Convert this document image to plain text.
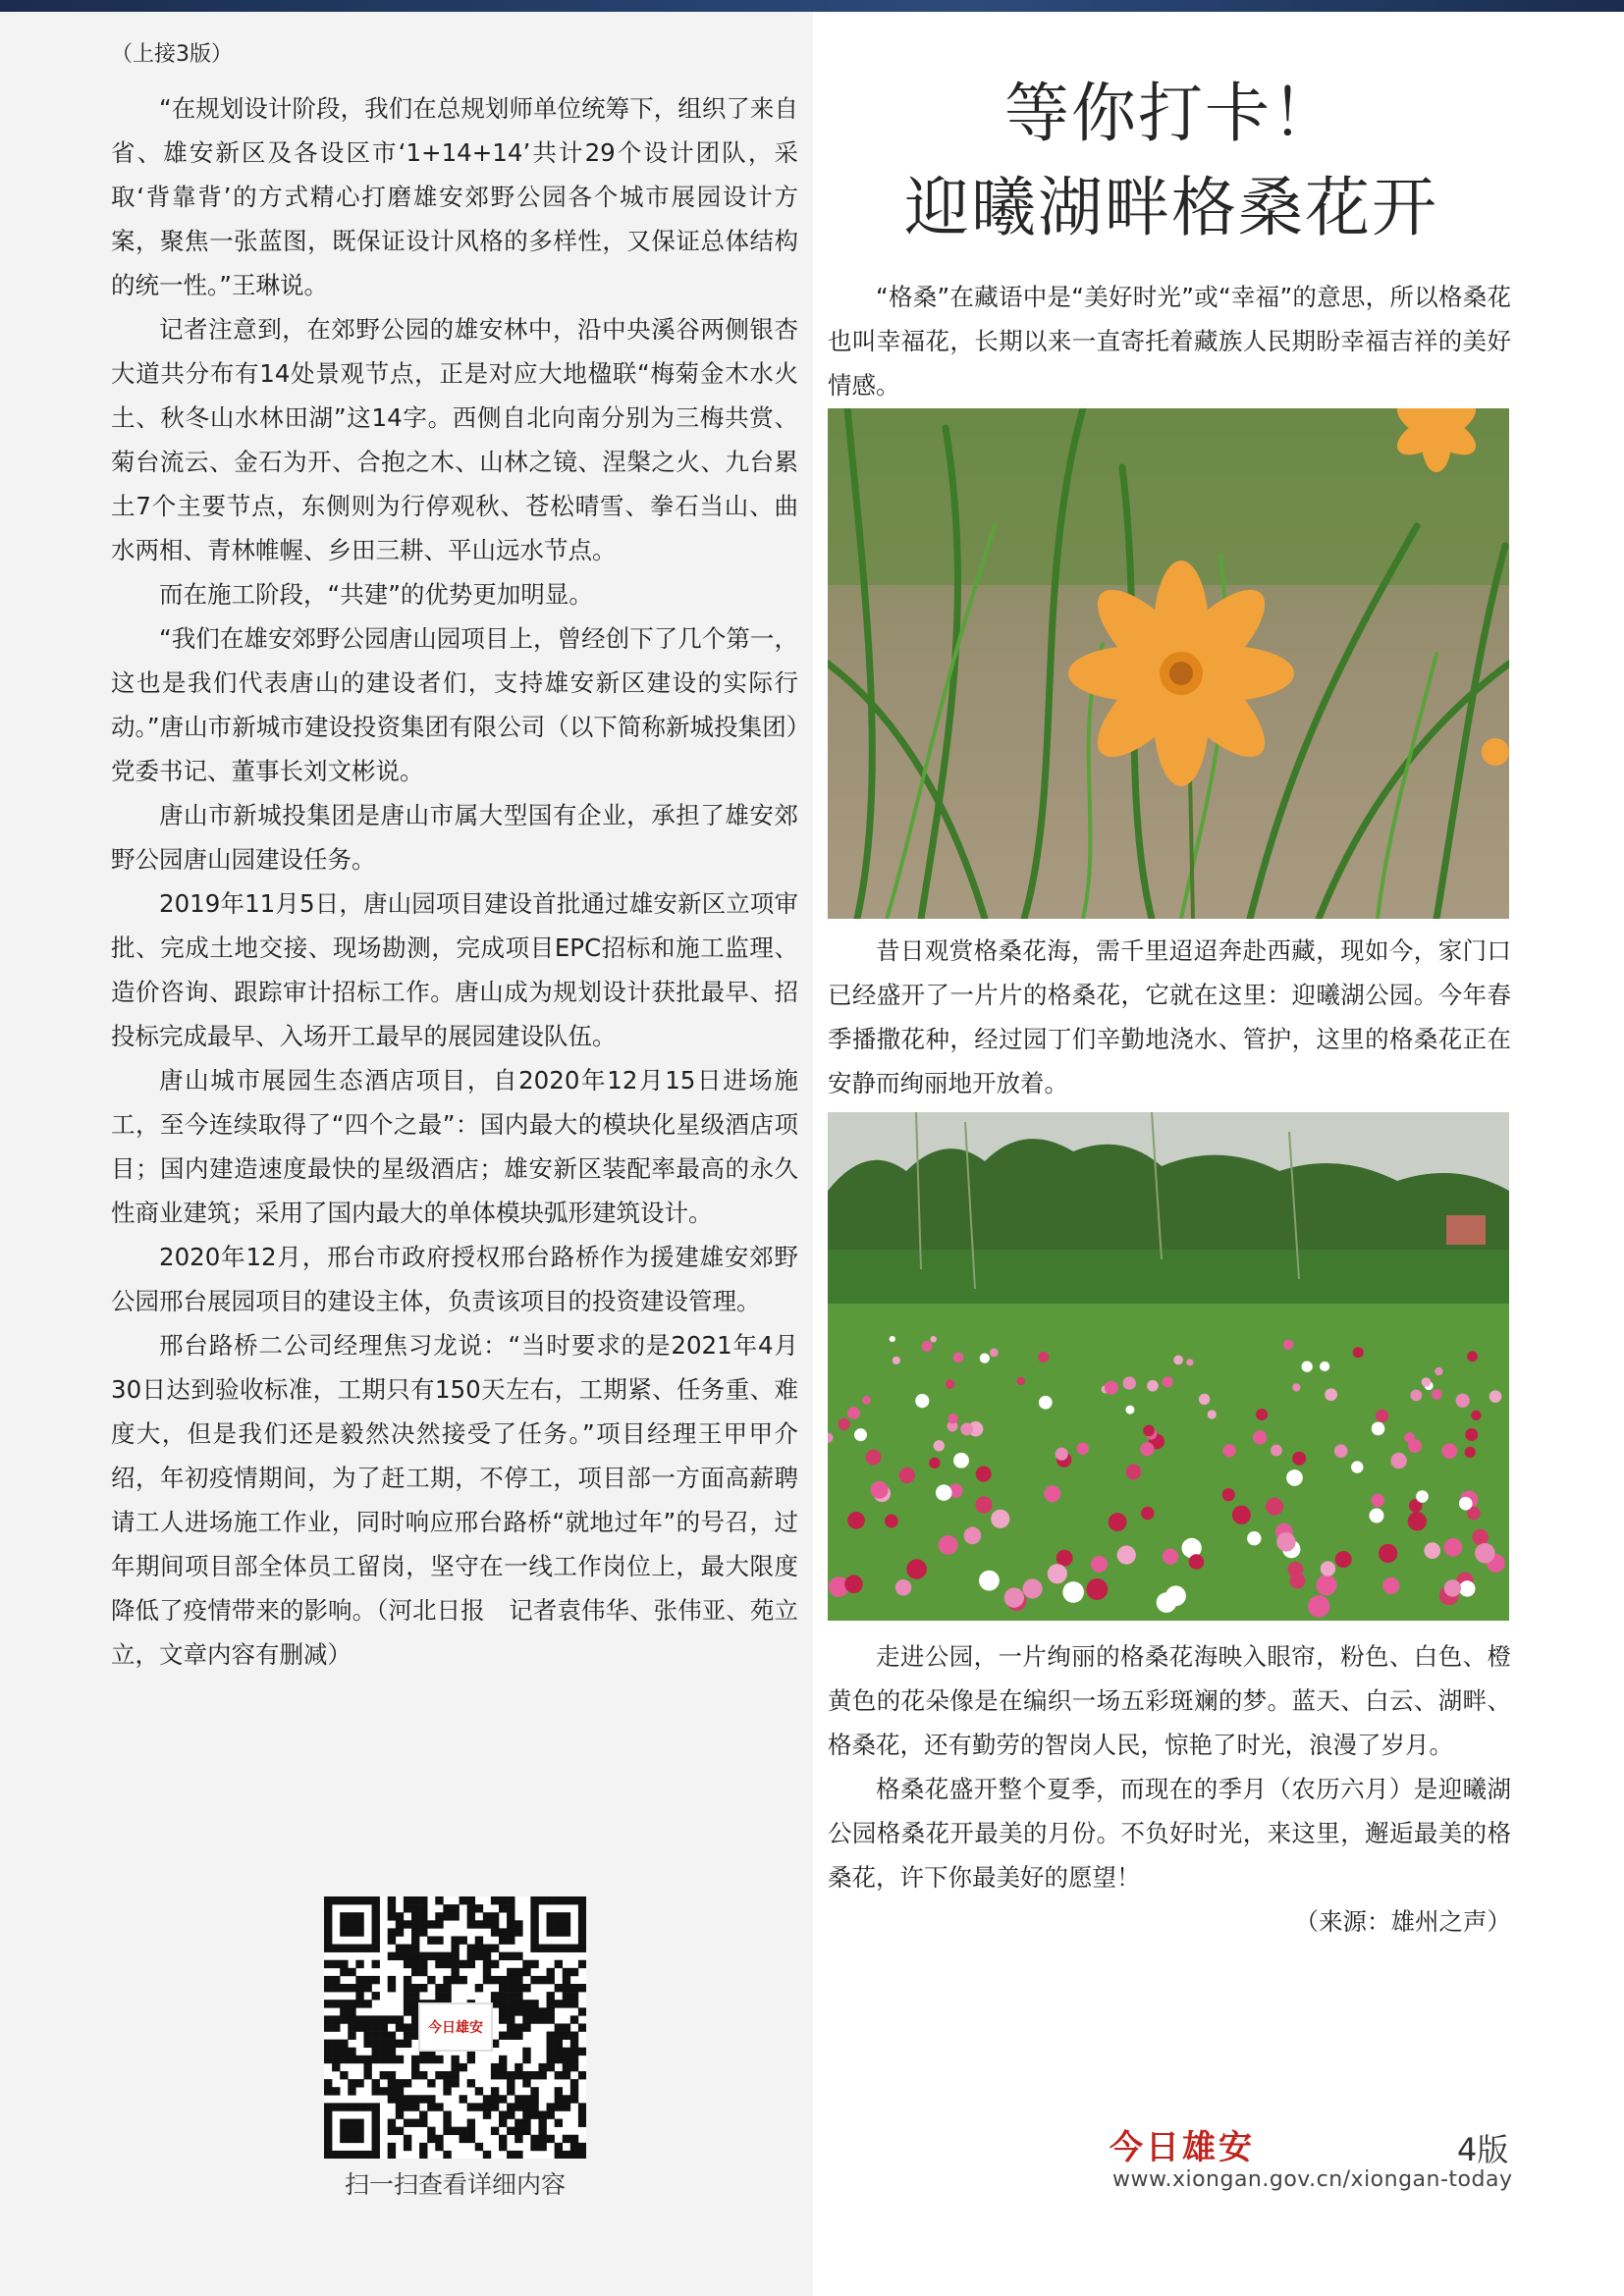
（上接3版）

“在规划设计阶段，我们在总规划师单位统筹下，组织了来自省、雄安新区及各设区市‘1+14+14’共计29个设计团队，采取‘背靠背’的方式精心打磨雄安郊野公园各个城市展园设计方案，聚焦一张蓝图，既保证设计风格的多样性，又保证总体结构的统一性。”王琳说。

记者注意到，在郊野公园的雄安林中，沿中央溪谷两侧银杏大道共分布有14处景观节点，正是对应大地楹联“梅菊金木水火土、秋冬山水林田湖”这14字。西侧自北向南分别为三梅共赏、菊台流云、金石为开、合抱之木、山林之镜、涅槃之火、九台累土7个主要节点，东侧则为行停观秋、苍松晴雪、拳石当山、曲水两相、青林帷幄、乡田三耕、平山远水节点。

而在施工阶段，“共建”的优势更加明显。

“我们在雄安郊野公园唐山园项目上，曾经创下了几个第一，这也是我们代表唐山的建设者们，支持雄安新区建设的实际行动。”唐山市新城市建设投资集团有限公司（以下简称新城投集团）党委书记、董事长刘文彬说。

唐山市新城投集团是唐山市属大型国有企业，承担了雄安郊野公园唐山园建设任务。

2019年11月5日，唐山园项目建设首批通过雄安新区立项审批、完成土地交接、现场勘测，完成项目EPC招标和施工监理、造价咨询、跟踪审计招标工作。唐山成为规划设计获批最早、招投标完成最早、入场开工最早的展园建设队伍。

唐山城市展园生态酒店项目，自2020年12月15日进场施工，至今连续取得了“四个之最”：国内最大的模块化星级酒店项目；国内建造速度最快的星级酒店；雄安新区装配率最高的永久性商业建筑；采用了国内最大的单体模块弧形建筑设计。

2020年12月，邢台市政府授权邢台路桥作为援建雄安郊野公园邢台展园项目的建设主体，负责该项目的投资建设管理。

邢台路桥二公司经理焦习龙说：“当时要求的是2021年4月30日达到验收标准，工期只有150天左右，工期紧、任务重、难度大，但是我们还是毅然决然接受了任务。”项目经理王甲甲介绍，年初疫情期间，为了赶工期，不停工，项目部一方面高薪聘请工人进场施工作业，同时响应邢台路桥“就地过年”的号召，过年期间项目部全体员工留岗，坚守在一线工作岗位上，最大限度降低了疫情带来的影响。（河北日报　记者袁伟华、张伟亚、苑立立，文章内容有删减）

今日雄安
扫一扫查看详细内容
等你打卡！
迎曦湖畔格桑花开

“格桑”在藏语中是“美好时光”或“幸福”的意思，所以格桑花也叫幸福花，长期以来一直寄托着藏族人民期盼幸福吉祥的美好情感。

昔日观赏格桑花海，需千里迢迢奔赴西藏，现如今，家门口已经盛开了一片片的格桑花，它就在这里：迎曦湖公园。今年春季播撒花种，经过园丁们辛勤地浇水、管护，这里的格桑花正在安静而绚丽地开放着。

走进公园，一片绚丽的格桑花海映入眼帘，粉色、白色、橙黄色的花朵像是在编织一场五彩斑斓的梦。蓝天、白云、湖畔、格桑花，还有勤劳的智岗人民，惊艳了时光，浪漫了岁月。

格桑花盛开整个夏季，而现在的季月（农历六月）是迎曦湖公园格桑花开最美的月份。不负好时光，来这里，邂逅最美的格桑花，许下你最美好的愿望！

（来源：雄州之声）

今日雄安	4版
www.xiongan.gov.cn/xiongan-today
